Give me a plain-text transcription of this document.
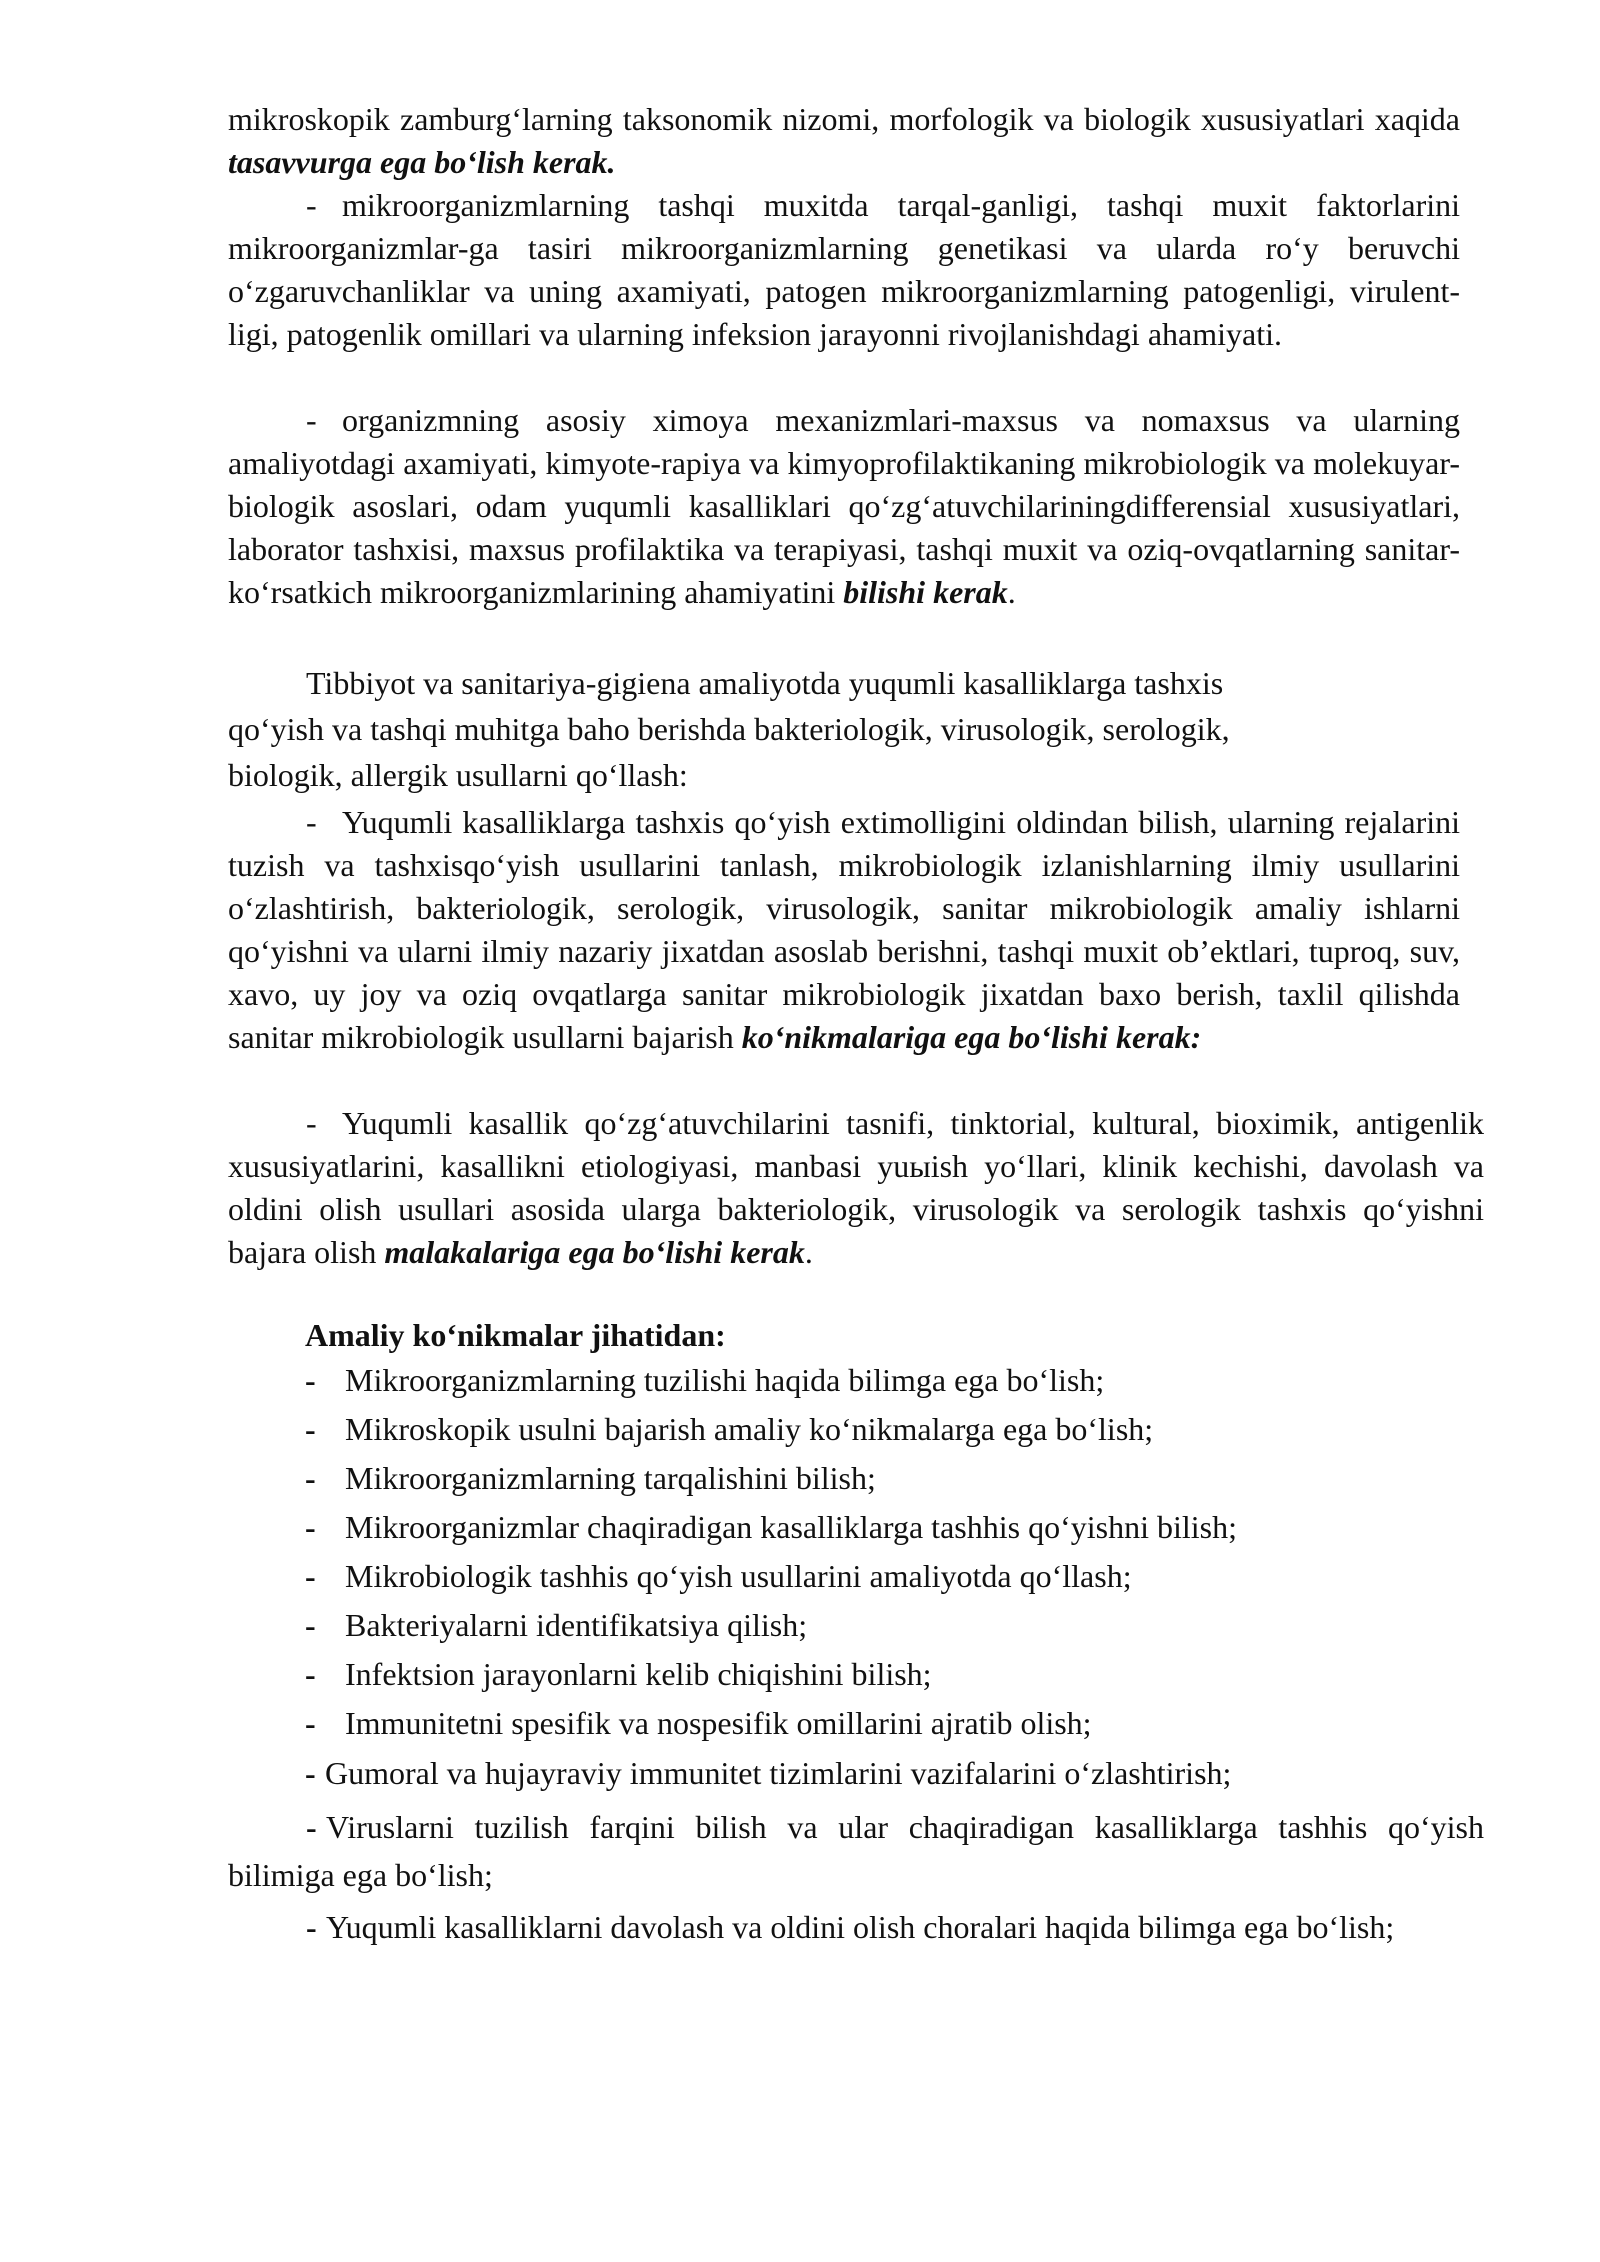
mikroskopik zamburg‘larning taksonomik nizomi, morfologik va biologik xususiyatlari xaqida tasavvurga ega bo‘lish kerak.
- mikroorganizmlarning tashqi muxitda tarqal-ganligi, tashqi muxit faktorlarini mikroorganizmlar-ga tasiri mikroorganizmlarning genetikasi va ularda ro‘y beruvchi o‘zgaruvchanliklar va uning axamiyati, patogen mikroorganizmlarning patogenligi, virulent-ligi, patogenlik omillari va ularning infeksion jarayonni rivojlanishdagi ahamiyati.
- organizmning asosiy ximoya mexanizmlari-maxsus va nomaxsus va ularning amaliyotdagi axamiyati, kimyote-rapiya va kimyoprofilaktikaning mikrobiologik va molekuyar-biologik asoslari, odam yuqumli kasalliklari qo‘zg‘atuvchilariningdifferensial xususiyatlari, laborator tashxisi, maxsus profilaktika va terapiyasi, tashqi muxit va oziq-ovqatlarning sanitar-ko‘rsatkich mikroorganizmlarining ahamiyatini bilishi kerak.
Tibbiyot va sanitariya-gigiena amaliyotda yuqumli kasalliklarga tashxis
qo‘yish va tashqi muhitga baho berishda bakteriologik, virusologik, serologik,
biologik, allergik usullarni qo‘llash:
- Yuqumli kasalliklarga tashxis qo‘yish extimolligini oldindan bilish, ularning rejalarini tuzish va tashxisqo‘yish usullarini tanlash, mikrobiologik izlanishlarning ilmiy usullarini o‘zlashtirish, bakteriologik, serologik, virusologik, sanitar mikrobiologik amaliy ishlarni qo‘yishni va ularni ilmiy nazariy jixatdan asoslab berishni, tashqi muxit ob’ektlari, tuproq, suv, xavo, uy joy va oziq ovqatlarga sanitar mikrobiologik jixatdan baxo berish, taxlil qilishda sanitar mikrobiologik usullarni bajarish ko‘nikmalariga ega bo‘lishi kerak:
- Yuqumli kasallik qo‘zg‘atuvchilarini tasnifi, tinktorial, kultural, bioximik, antigenlik xususiyatlarini, kasallikni etiologiyasi, manbasi yuыish yo‘llari, klinik kechishi, davolash va oldini olish usullari asosida ularga bakteriologik, virusologik va serologik tashxis qo‘yishni bajara olish malakalariga ega bo‘lishi kerak.
Amaliy ko‘nikmalar jihatidan:
- Mikroorganizmlarning tuzilishi haqida bilimga ega bo‘lish;
- Mikroskopik usulni bajarish amaliy ko‘nikmalarga ega bo‘lish;
- Mikroorganizmlarning tarqalishini bilish;
- Mikroorganizmlar chaqiradigan kasalliklarga tashhis qo‘yishni bilish;
- Mikrobiologik tashhis qo‘yish usullarini amaliyotda qo‘llash;
- Bakteriyalarni identifikatsiya qilish;
- Infektsion jarayonlarni kelib chiqishini bilish;
- Immunitetni spesifik va nospesifik omillarini ajratib olish;
- Gumoral va hujayraviy immunitet tizimlarini vazifalarini o‘zlashtirish;
- Viruslarni tuzilish farqini bilish va ular chaqiradigan kasalliklarga tashhis qo‘yish bilimiga ega bo‘lish;
- Yuqumli kasalliklarni davolash va oldini olish choralari haqida bilimga ega bo‘lish;
